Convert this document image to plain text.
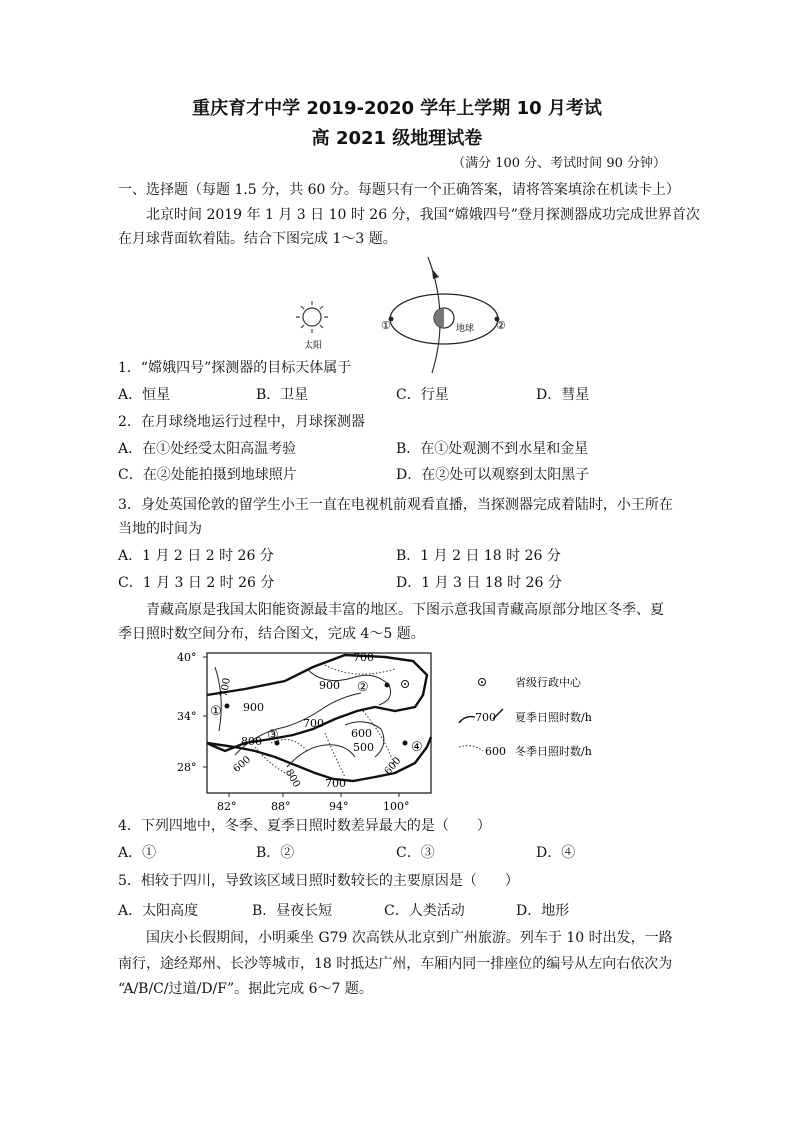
重庆育才中学 2019-2020 学年上学期 10 月考试
高 2021 级地理试卷
（满分 100 分、考试时间 90 分钟）
一、选择题（每题 1.5 分，共 60 分。每题只有一个正确答案，请将答案填涂在机读卡上）
北京时间 2019 年 1 月 3 日 10 时 26 分，我国“嫦娥四号”登月探测器成功完成世界首次
在月球背面软着陆。结合下图完成 1～3 题。
太阳
地球
①	②
1．“嫦娥四号”探测器的目标天体属于
A．恒星	B．卫星	C．行星	D．彗星
2．在月球绕地运行过程中，月球探测器
A．在①处经受太阳高温考验	B．在①处观测不到水星和金星
C．在②处能拍摄到地球照片	D．在②处可以观察到太阳黑子
3．身处英国伦敦的留学生小王一直在电视机前观看直播，当探测器完成着陆时，小王所在
当地的时间为
A．1 月 2 日 2 时 26 分	B．1 月 2 日 18 时 26 分
C．1 月 3 日 2 时 26 分	D．1 月 3 日 18 时 26 分
青藏高原是我国太阳能资源最丰富的地区。下图示意我国青藏高原部分地区冬季、夏
季日照时数空间分布，结合图文，完成 4～5 题。
40°
34°
28°
82°	88°	94°	100°
700	900
900
800
700
600
500
600
800 700
600
700
①
②
③
④
省级行政中心
700 夏季日照时数/h
600 冬季日照时数/h
4．下列四地中，冬季、夏季日照时数差异最大的是（　　）
A．①	B．②	C．③	D．④
5．相较于四川，导致该区域日照时数较长的主要原因是（　　）
A．太阳高度	B．昼夜长短	C．人类活动	D．地形
国庆小长假期间，小明乘坐 G79 次高铁从北京到广州旅游。列车于 10 时出发，一路
南行，途经郑州、长沙等城市，18 时抵达广州，车厢内同一排座位的编号从左向右依次为
“A/B/C/过道/D/F”。据此完成 6～7 题。
